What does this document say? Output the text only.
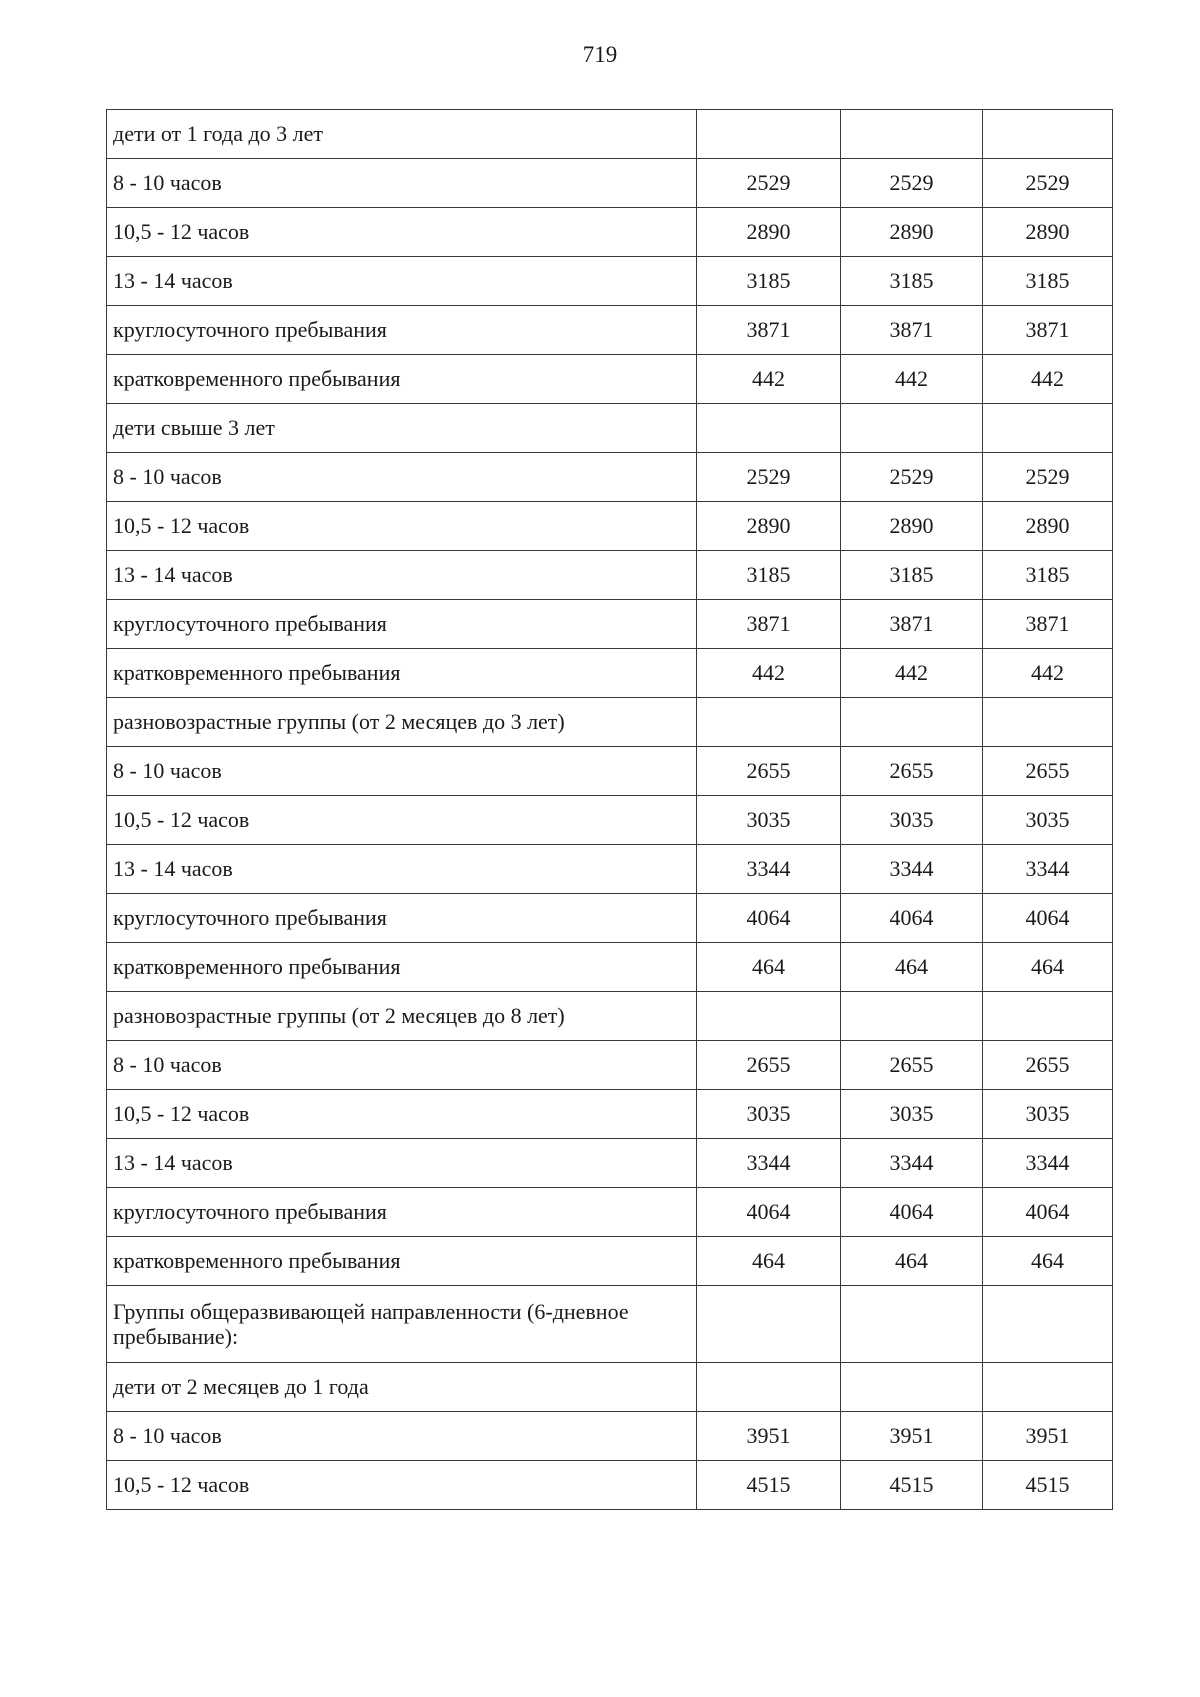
719
дети от 1 года до 3 лет			
8 - 10 часов	2529	2529	2529
10,5 - 12 часов	2890	2890	2890
13 - 14 часов	3185	3185	3185
круглосуточного пребывания	3871	3871	3871
кратковременного пребывания	442	442	442
дети свыше 3 лет			
8 - 10 часов	2529	2529	2529
10,5 - 12 часов	2890	2890	2890
13 - 14 часов	3185	3185	3185
круглосуточного пребывания	3871	3871	3871
кратковременного пребывания	442	442	442
разновозрастные группы (от 2 месяцев до 3 лет)			
8 - 10 часов	2655	2655	2655
10,5 - 12 часов	3035	3035	3035
13 - 14 часов	3344	3344	3344
круглосуточного пребывания	4064	4064	4064
кратковременного пребывания	464	464	464
разновозрастные группы (от 2 месяцев до 8 лет)			
8 - 10 часов	2655	2655	2655
10,5 - 12 часов	3035	3035	3035
13 - 14 часов	3344	3344	3344
круглосуточного пребывания	4064	4064	4064
кратковременного пребывания	464	464	464
Группы общеразвивающей направленности (6-дневное пребывание):			
дети от 2 месяцев до 1 года			
8 - 10 часов	3951	3951	3951
10,5 - 12 часов	4515	4515	4515
